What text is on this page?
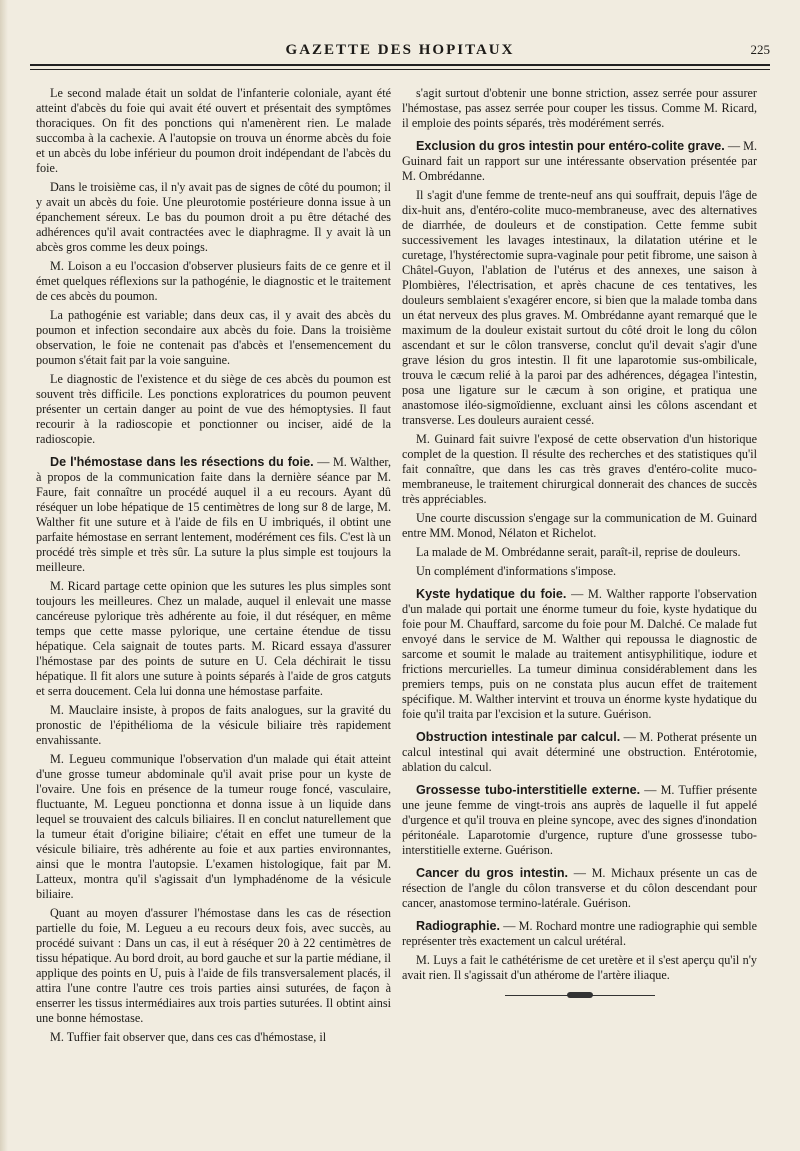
GAZETTE DES HOPITAUX	225

Le second malade était un soldat de l'infanterie coloniale, ayant été atteint d'abcès du foie qui avait été ouvert et présentait des symptômes thoraciques. On fit des ponctions qui n'amenèrent rien. Le malade succomba à la cachexie. A l'autopsie on trouva un énorme abcès du foie et un abcès du lobe inférieur du poumon droit indépendant de l'abcès du foie.

Dans le troisième cas, il n'y avait pas de signes de côté du poumon; il y avait un abcès du foie. Une pleurotomie postérieure donna issue à un épanchement séreux. Le bas du poumon droit a pu être détaché des adhérences qu'il avait contractées avec le diaphragme. Il y avait là un abcès gros comme les deux poings.

M. Loison a eu l'occasion d'observer plusieurs faits de ce genre et il émet quelques réflexions sur la pathogénie, le diagnostic et le traitement de ces abcès du poumon.

La pathogénie est variable; dans deux cas, il y avait des abcès du poumon et infection secondaire aux abcès du foie. Dans la troisième observation, le foie ne contenait pas d'abcès et l'ensemencement du poumon s'était fait par la voie sanguine.

Le diagnostic de l'existence et du siège de ces abcès du poumon est souvent très difficile. Les ponctions exploratrices du poumon peuvent présenter un certain danger au point de vue des hémoptysies. Il faut recourir à la radioscopie et ponctionner ou inciser, aidé de la radioscopie.

De l'hémostase dans les résections du foie. — M. Walther, à propos de la communication faite dans la dernière séance par M. Faure, fait connaître un procédé auquel il a eu recours. Ayant dû réséquer un lobe hépatique de 15 centimètres de long sur 8 de large, M. Walther fit une suture et à l'aide de fils en U imbriqués, il obtint une parfaite hémostase en serrant lentement, modérément ces fils. C'est là un procédé très simple et très sûr. La suture la plus simple est toujours la meilleure.

M. Ricard partage cette opinion que les sutures les plus simples sont toujours les meilleures. Chez un malade, auquel il enlevait une masse cancéreuse pylorique très adhérente au foie, il dut réséquer, en même temps que cette masse pylorique, une certaine étendue de tissu hépatique. Cela saignait de toutes parts. M. Ricard essaya d'assurer l'hémostase par des points de suture en U. Cela déchirait le tissu hépatique. Il fit alors une suture à points séparés à l'aide de gros catguts et serra doucement. Cela lui donna une hémostase parfaite.

M. Mauclaire insiste, à propos de faits analogues, sur la gravité du pronostic de l'épithélioma de la vésicule biliaire très rapidement envahissante.

M. Legueu communique l'observation d'un malade qui était atteint d'une grosse tumeur abdominale qu'il avait prise pour un kyste de l'ovaire. Une fois en présence de la tumeur rouge foncé, vasculaire, fluctuante, M. Legueu ponctionna et donna issue à un liquide dans lequel se trouvaient des calculs biliaires. Il en conclut naturellement que la tumeur était d'origine biliaire; c'était en effet une tumeur de la vésicule biliaire, très adhérente au foie et aux parties environnantes, ainsi que le montra l'autopsie. L'examen histologique, fait par M. Latteux, montra qu'il s'agissait d'un lymphadénome de la vésicule biliaire.

Quant au moyen d'assurer l'hémostase dans les cas de résection partielle du foie, M. Legueu a eu recours deux fois, avec succès, au procédé suivant : Dans un cas, il eut à réséquer 20 à 22 centimètres de tissu hépatique. Au bord droit, au bord gauche et sur la partie médiane, il applique des points en U, puis à l'aide de fils transversalement placés, il attira l'une contre l'autre ces trois parties ainsi suturées, de façon à enserrer les tissus intermédiaires aux trois parties suturées. Il obtint ainsi une bonne hémostase.

M. Tuffier fait observer que, dans ces cas d'hémostase, il

s'agit surtout d'obtenir une bonne striction, assez serrée pour assurer l'hémostase, pas assez serrée pour couper les tissus. Comme M. Ricard, il emploie des points séparés, très modérément serrés.

Exclusion du gros intestin pour entéro-colite grave. — M. Guinard fait un rapport sur une intéressante observation présentée par M. Ombrédanne.

Il s'agit d'une femme de trente-neuf ans qui souffrait, depuis l'âge de dix-huit ans, d'entéro-colite muco-membraneuse, avec des alternatives de diarrhée, de douleurs et de constipation. Cette femme subit successivement les lavages intestinaux, la dilatation utérine et le curetage, l'hystérectomie supra-vaginale pour petit fibrome, une saison à Châtel-Guyon, l'ablation de l'utérus et des annexes, une saison à Plombières, l'électrisation, et après chacune de ces tentatives, les douleurs semblaient s'exagérer encore, si bien que la malade tomba dans un état nerveux des plus graves. M. Ombrédanne ayant remarqué que le maximum de la douleur existait surtout du côté droit le long du côlon ascendant et sur le côlon transverse, conclut qu'il devait s'agir d'une grave lésion du gros intestin. Il fit une laparotomie sus-ombilicale, trouva le cæcum relié à la paroi par des adhérences, dégagea l'intestin, posa une ligature sur le cæcum à son origine, et pratiqua une anastomose iléo-sigmoïdienne, excluant ainsi les côlons ascendant et transverse. Les douleurs auraient cessé.

M. Guinard fait suivre l'exposé de cette observation d'un historique complet de la question. Il résulte des recherches et des statistiques qu'il fait connaître, que dans les cas très graves d'entéro-colite muco-membraneuse, le traitement chirurgical donnerait des chances de succès très appréciables.

Une courte discussion s'engage sur la communication de M. Guinard entre MM. Monod, Nélaton et Richelot.

La malade de M. Ombrédanne serait, paraît-il, reprise de douleurs.

Un complément d'informations s'impose.

Kyste hydatique du foie. — M. Walther rapporte l'observation d'un malade qui portait une énorme tumeur du foie, kyste hydatique du foie pour M. Chauffard, sarcome du foie pour M. Dalché. Ce malade fut envoyé dans le service de M. Walther qui repoussa le diagnostic de sarcome et soumit le malade au traitement antisyphilitique, iodure et frictions mercurielles. La tumeur diminua considérablement dans les premiers temps, puis on ne constata plus aucun effet de traitement spécifique. M. Walther intervint et trouva un énorme kyste hydatique du foie qu'il traita par l'excision et la suture. Guérison.

Obstruction intestinale par calcul. — M. Potherat présente un calcul intestinal qui avait déterminé une obstruction. Entérotomie, ablation du calcul.

Grossesse tubo-interstitielle externe. — M. Tuffier présente une jeune femme de vingt-trois ans auprès de laquelle il fut appelé d'urgence et qu'il trouva en pleine syncope, avec des signes d'inondation péritonéale. Laparotomie d'urgence, rupture d'une grossesse tubo-interstitielle externe. Guérison.

Cancer du gros intestin. — M. Michaux présente un cas de résection de l'angle du côlon transverse et du côlon descendant pour cancer, anastomose termino-latérale. Guérison.

Radiographie. — M. Rochard montre une radiographie qui semble représenter très exactement un calcul urétéral.

M. Luys a fait le cathétérisme de cet uretère et il s'est aperçu qu'il n'y avait rien. Il s'agissait d'un athérome de l'artère iliaque.
